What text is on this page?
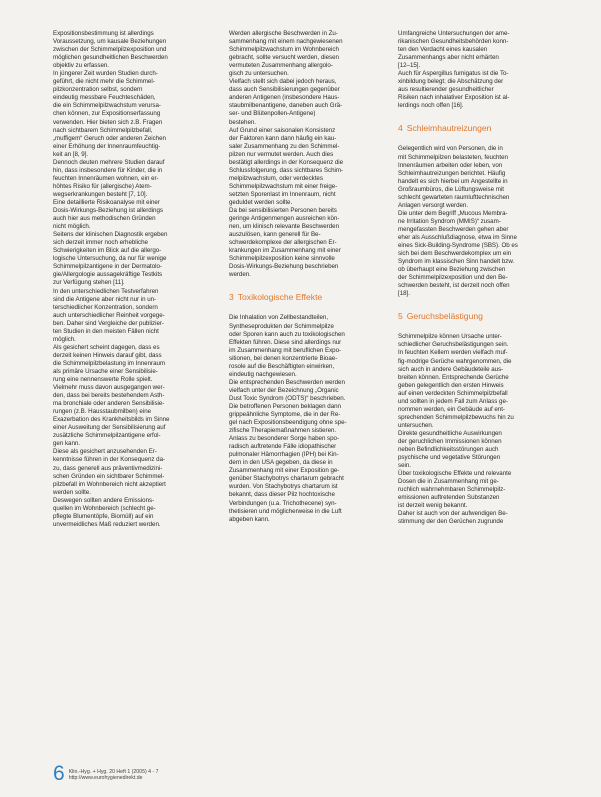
Expositionsbestimmung ist allerdings
Voraussetzung, um kausale Beziehungen
zwischen der Schimmelpilzexposition und
möglichen gesundheitlichen Beschwerden
objektiv zu erfassen.
In jüngerer Zeit wurden Studien durch-
geführt, die nicht mehr die Schimmel-
pilzkonzentration selbst, sondern
eindeutig messbare Feuchteschäden,
die ein Schimmelpilzwachstum verursa-
chen können, zur Expositionserfassung
verwenden. Hier bieten sich z.B. Fragen
nach sichtbarem Schimmelpilzbefall,
„muffigem“ Geruch oder anderen Zeichen
einer Erhöhung der Innenraumfeuchtig-
keit an [8, 9].
Dennoch deuten mehrere Studien darauf
hin, dass insbesondere für Kinder, die in
feuchten Innenräumen wohnen, ein er-
höhtes Risiko für (allergische) Atem-
wegserkrankungen besteht [7, 10].
Eine detaillierte Risikoanalyse mit einer
Dosis-Wirkungs-Beziehung ist allerdings
auch hier aus methodischen Gründen
nicht möglich.
Seitens der klinischen Diagnostik ergeben
sich derzeit immer noch erhebliche
Schwierigkeiten im Blick auf die allergo-
logische Untersuchung, da nur für wenige
Schimmelpilzantigene in der Dermatolo-
gie/Allergologie aussagekräftige Testkits
zur Verfügung stehen [11].
In den unterschiedlichen Testverfahren
sind die Antigene aber nicht nur in un-
terschiedlicher Konzentration, sondern
auch unterschiedlicher Reinheit vorgege-
ben. Daher sind Vergleiche der publizier-
ten Studien in den meisten Fällen nicht
möglich.
Als gesichert scheint dagegen, dass es
derzeit keinen Hinweis darauf gibt, dass
die Schimmelpilzbelastung im Innenraum
als primäre Ursache einer Sensibilisie-
rung eine nennenswerte Rolle spielt.
Vielmehr muss davon ausgegangen wer-
den, dass bei bereits bestehendem Asth-
ma bronchiale oder anderen Sensibilisie-
rungen (z.B. Hausstaubmilben) eine
Exazerbation des Krankheitsbilds im Sinne
einer Ausweitung der Sensibilisierung auf
zusätzliche Schimmelpilzantigene erfol-
gen kann.
Diese als gesichert anzusehenden Er-
kenntnisse führen in der Konsequenz da-
zu, dass generell aus präventivmedizini-
schen Gründen ein sichtbarer Schimmel-
pilzbefall im Wohnbereich nicht akzeptiert
werden sollte.
Deswegen sollten andere Emissions-
quellen im Wohnbereich (schlecht ge-
pflegte Blumentöpfe, Biomüll) auf ein
unvermeidliches Maß reduziert werden.

Werden allergische Beschwerden in Zu-
sammenhang mit einem nachgewiesenen
Schimmelpilzwachstum im Wohnbereich
gebracht, sollte versucht werden, diesen
vermuteten Zusammenhang allergolo-
gisch zu untersuchen.
Vielfach stellt sich dabei jedoch heraus,
dass auch Sensibilisierungen gegenüber
anderen Antigenen (insbesondere Haus-
staubmilbenantigene, daneben auch Grä-
ser- und Blütenpollen-Antigene)
bestehen.
Auf Grund einer saisonalen Konsistenz
der Faktoren kann dann häufig ein kau-
saler Zusammenhang zu den Schimmel-
pilzen nur vermutet werden. Auch dies
bestätigt allerdings in der Konsequenz die
Schlussfolgerung, dass sichtbares Schim-
melpilzwachstum, oder verdecktes
Schimmelpilzwachstum mit einer freige-
setzten Sporenlast im Innenraum, nicht
geduldet werden sollte.
Da bei sensibilisierten Personen bereits
geringe Antigenmengen ausreichen kön-
nen, um klinisch relevante Beschwerden
auszulösen, kann generell für Be-
schwerdekomplexe der allergischen Er-
krankungen im Zusammenhang mit einer
Schimmelpilzexposition keine sinnvolle
Dosis-Wirkungs-Beziehung beschrieben
werden.

3 Toxikologische Effekte

Die Inhalation von Zellbestandteilen,
Syntheseprodukten der Schimmelpilze
oder Sporen kann auch zu toxikologischen
Effekten führen. Diese sind allerdings nur
im Zusammenhang mit beruflichen Expo-
sitionen, bei denen konzentrierte Bioae-
rosole auf die Beschäftigten einwirken,
eindeutig nachgewiesen.
Die entsprechenden Beschwerden werden
vielfach unter der Bezeichnung „Organic
Dust Toxic Syndrom (ODTS)“ beschrieben.
Die betroffenen Personen beklagen dann
grippeähnliche Symptome, die in der Re-
gel nach Expositionsbeendigung ohne spe-
zifische Therapiemaßnahmen sistieren.
Anlass zu besonderer Sorge haben spo-
radisch auftretende Fälle idiopathischer
pulmonaler Hämorrhagien (IPH) bei Kin-
dern in den USA gegeben, da diese in
Zusammenhang mit einer Exposition ge-
genüber Stachybotrys chartarum gebracht
wurden. Von Stachybotrys chartarum ist
bekannt, dass dieser Pilz hochtoxische
Verbindungen (u.a. Trichothecene) syn-
thetisieren und möglicherweise in die Luft
abgeben kann.

Umfangreiche Untersuchungen der ame-
rikanischen Gesundheitsbehörden konn-
ten den Verdacht eines kausalen
Zusammenhangs aber nicht erhärten
[12–15].
Auch für Aspergillus fumigatus ist die To-
xinbildung belegt; die Abschätzung der
aus resultierender gesundheitlicher
Risiken nach inhalativer Exposition ist al-
lerdings noch offen [16].

4 Schleimhautreizungen

Gelegentlich wird von Personen, die in
mit Schimmelpilzen belasteten, feuchten
Innenräumen arbeiten oder leben, von
Schleimhautreizungen berichtet. Häufig
handelt es sich hierbei um Angestellte in
Großraumbüros, die Lüftungsweise mit
schlecht gewarteten raumlufttechnischen
Anlagen versorgt werden.
Die unter dem Begriff „Mucous Membra-
ne Irritation Syndrom (MMIS)“ zusam-
mengefassten Beschwerden gehen aber
eher als Ausschlußdiagnose, etwa im Sinne
eines Sick-Building-Syndrome (SBS). Ob es
sich bei dem Beschwerdekomplex um ein
Syndrom im klassischen Sinn handelt bzw.
ob überhaupt eine Beziehung zwischen
der Schimmelpilzexposition und den Be-
schwerden besteht, ist derzeit noch offen
[18].

5 Geruchsbelästigung

Schimmelpilze können Ursache unter-
schiedlicher Geruchsbelästigungen sein.
In feuchten Kellern werden vielfach muf-
fig-modrige Gerüche wahrgenommen, die
sich auch in andere Gebäudeteile aus-
breiten können. Entsprechende Gerüche
geben gelegentlich den ersten Hinweis
auf einen verdeckten Schimmelpilzbefall
und sollten in jedem Fall zum Anlass ge-
nommen werden, ein Gebäude auf ent-
sprechenden Schimmelpilzbewuchs hin zu
untersuchen.
Direkte gesundheitliche Auswirkungen
der geruchlichen Immissionen können
neben Befindlichkeitsstörungen auch
psychische und vegetative Störungen
sein.
Über toxikologische Effekte und relevante
Dosen die in Zusammenhang mit ge-
ruchlich wahrnehmbaren Schimmelpilz-
emissionen auftretenden Substanzen
ist derzeit wenig bekannt.
Daher ist auch von der aufwendigen Be-
stimmung der den Gerüchen zugrunde

6 Klin.-Hyg. + Hyg. 20 Heft 1 (2005) 4 - 7
http://www.eurohygienedirekt.de
